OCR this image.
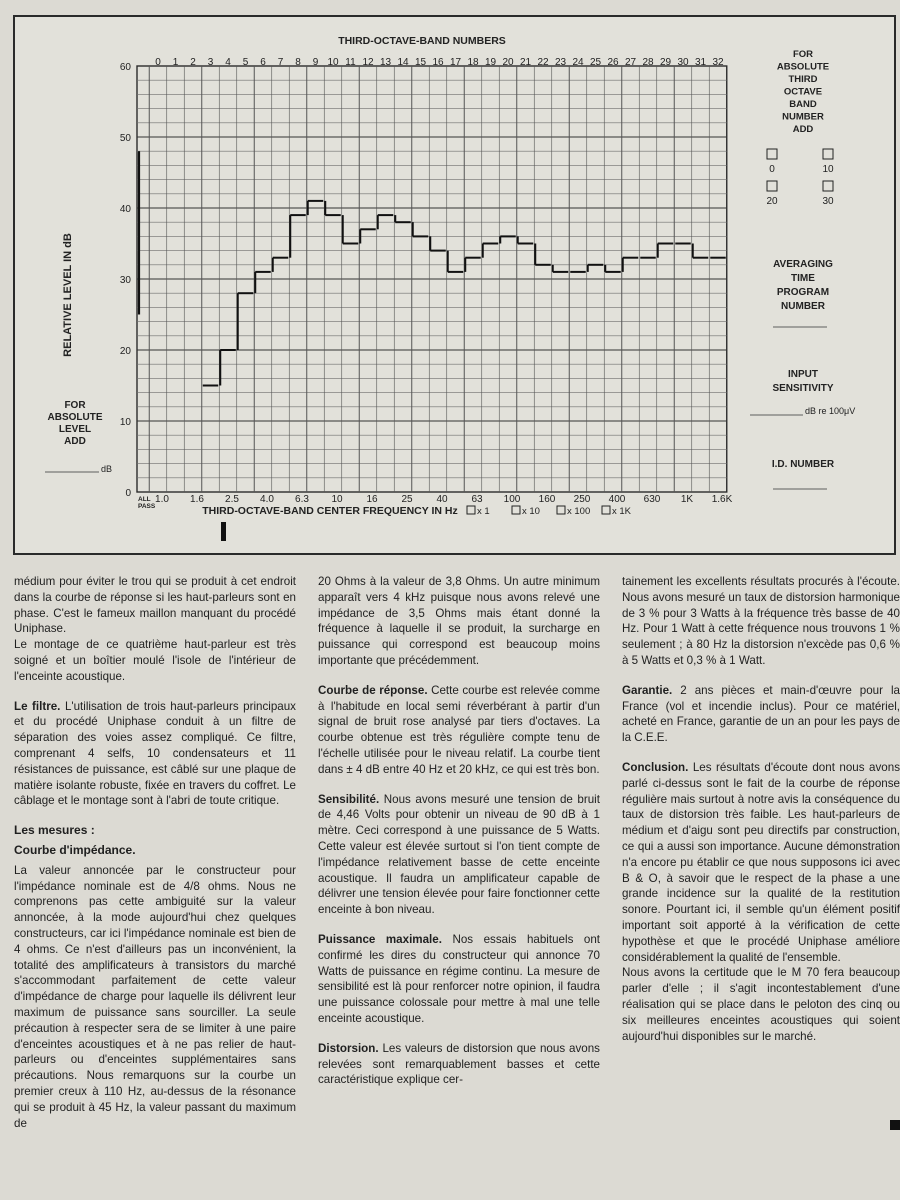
THIRD-OCTAVE-BAND NUMBERS
0 1 2 3 4 5 6 7 8 9 10 11 12 13 14 15 16 17 18 19 20 21 22 23 24 25 26 27 28 29 30 31 32
0
10
20
30
40
50
60
RELATIVE LEVEL IN dB
1.0 1.6 2.5 4.0 6.3 10 16 25 40 63 100 160 250 400 630 1K 1.6K
ALL PASS	THIRD-OCTAVE-BAND CENTER FREQUENCY IN Hz x 1	x 10	x 100 x 1K
FOR
ABSOLUTE
LEVEL
ADD
dB
FOR
ABSOLUTE
THIRD
OCTAVE
BAND
NUMBER
ADD
0	10
20	30
AVERAGING
TIME
PROGRAM
NUMBER
INPUT
SENSITIVITY
dB re 100μV
I.D. NUMBER

médium pour éviter le trou qui se produit à cet endroit dans la courbe de réponse si les haut-parleurs sont en phase. C'est le fameux maillon manquant du procédé Uniphase.

Le montage de ce quatrième haut-parleur est très soigné et un boîtier moulé l'isole de l'intérieur de l'enceinte acoustique.

Le filtre. L'utilisation de trois haut-parleurs principaux et du procédé Uniphase conduit à un filtre de séparation des voies assez compliqué. Ce filtre, comprenant 4 selfs, 10 condensateurs et 11 résistances de puissance, est câblé sur une plaque de matière isolante robuste, fixée en travers du coffret. Le câblage et le montage sont à l'abri de toute critique.

Les mesures :
Courbe d'impédance.

La valeur annoncée par le constructeur pour l'impédance nominale est de 4/8 ohms. Nous ne comprenons pas cette ambiguité sur la valeur annoncée, à la mode aujourd'hui chez quelques constructeurs, car ici l'impédance nominale est bien de 4 ohms. Ce n'est d'ailleurs pas un inconvénient, la totalité des amplificateurs à transistors du marché s'accommodant parfaitement de cette valeur d'impédance de charge pour laquelle ils délivrent leur maximum de puissance sans sourciller. La seule précaution à respecter sera de se limiter à une paire d'enceintes acoustiques et à ne pas relier de haut-parleurs ou d'enceintes supplémentaires sans précautions. Nous remarquons sur la courbe un premier creux à 110 Hz, au-dessus de la résonance qui se produit à 45 Hz, la valeur passant du maximum de

20 Ohms à la valeur de 3,8 Ohms. Un autre minimum apparaît vers 4 kHz puisque nous avons relevé une impédance de 3,5 Ohms mais étant donné la fréquence à laquelle il se produit, la surcharge en puissance qui correspond est beaucoup moins importante que précédemment.

Courbe de réponse. Cette courbe est relevée comme à l'habitude en local semi réverbérant à partir d'un signal de bruit rose analysé par tiers d'octaves. La courbe obtenue est très régulière compte tenu de l'échelle utilisée pour le niveau relatif. La courbe tient dans ± 4 dB entre 40 Hz et 20 kHz, ce qui est très bon.

Sensibilité. Nous avons mesuré une tension de bruit de 4,46 Volts pour obtenir un niveau de 90 dB à 1 mètre. Ceci correspond à une puissance de 5 Watts. Cette valeur est élevée surtout si l'on tient compte de l'impédance relativement basse de cette enceinte acoustique. Il faudra un amplificateur capable de délivrer une tension élevée pour faire fonctionner cette enceinte à bon niveau.

Puissance maximale. Nos essais habituels ont confirmé les dires du constructeur qui annonce 70 Watts de puissance en régime continu. La mesure de sensibilité est là pour renforcer notre opinion, il faudra une puissance colossale pour mettre à mal une telle enceinte acoustique.

Distorsion. Les valeurs de distorsion que nous avons relevées sont remarquablement basses et cette caractéristique explique cer-

tainement les excellents résultats procurés à l'écoute. Nous avons mesuré un taux de distorsion harmonique de 3 % pour 3 Watts à la fréquence très basse de 40 Hz. Pour 1 Watt à cette fréquence nous trouvons 1 % seulement ; à 80 Hz la distorsion n'excède pas 0,6 % à 5 Watts et 0,3 % à 1 Watt.

Garantie. 2 ans pièces et main-d'œuvre pour la France (vol et incendie inclus). Pour ce matériel, acheté en France, garantie de un an pour les pays de la C.E.E.

Conclusion. Les résultats d'écoute dont nous avons parlé ci-dessus sont le fait de la courbe de réponse régulière mais surtout à notre avis la conséquence du taux de distorsion très faible. Les haut-parleurs de médium et d'aigu sont peu directifs par construction, ce qui a aussi son importance. Aucune démonstration n'a encore pu établir ce que nous supposons ici avec B & O, à savoir que le respect de la phase a une grande incidence sur la qualité de la restitution sonore. Pourtant ici, il semble qu'un élément positif important soit apporté à la vérification de cette hypothèse et que le procédé Uniphase améliore considérablement la qualité de l'ensemble.

Nous avons la certitude que le M 70 fera beaucoup parler d'elle ; il s'agit incontestablement d'une réalisation qui se place dans le peloton des cinq ou six meilleures enceintes acoustiques qui soient aujourd'hui disponibles sur le marché.
